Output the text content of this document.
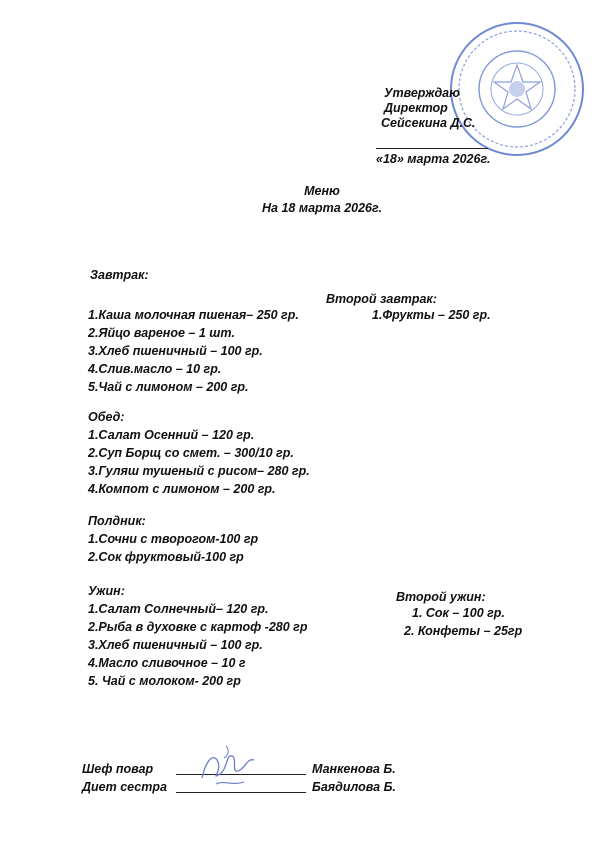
Утверждаю
Директор
Сейсекина Д.С.
«18» марта 2026г.
Меню
На 18 марта 2026г.
Завтрак:
1.Каша молочная пшеная– 250 гр.
2.Яйцо вареное – 1 шт.
3.Хлеб пшеничный – 100 гр.
4.Слив.масло – 10 гр.
5.Чай с лимоном – 200 гр.
Второй завтрак:
1.Фрукты – 250 гр.
Обед:
1.Салат Осенний – 120 гр.
2.Суп Борщ со смет. – 300/10 гр.
3.Гуляш тушеный с рисом– 280 гр.
4.Компот с лимоном – 200 гр.
Полдник:
1.Сочни с творогом-100 гр
2.Сок фруктовый-100 гр
Ужин:
1.Салат Солнечный– 120 гр.
2.Рыба в духовке с картоф -280 гр
3.Хлеб пшеничный – 100 гр.
4.Масло сливочное – 10 г
5. Чай с молоком- 200 гр
Второй ужин:
1. Сок – 100 гр.
2. Конфеты – 25гр
Шеф повар	Манкенова Б.
Диет сестра	Баядилова Б.
